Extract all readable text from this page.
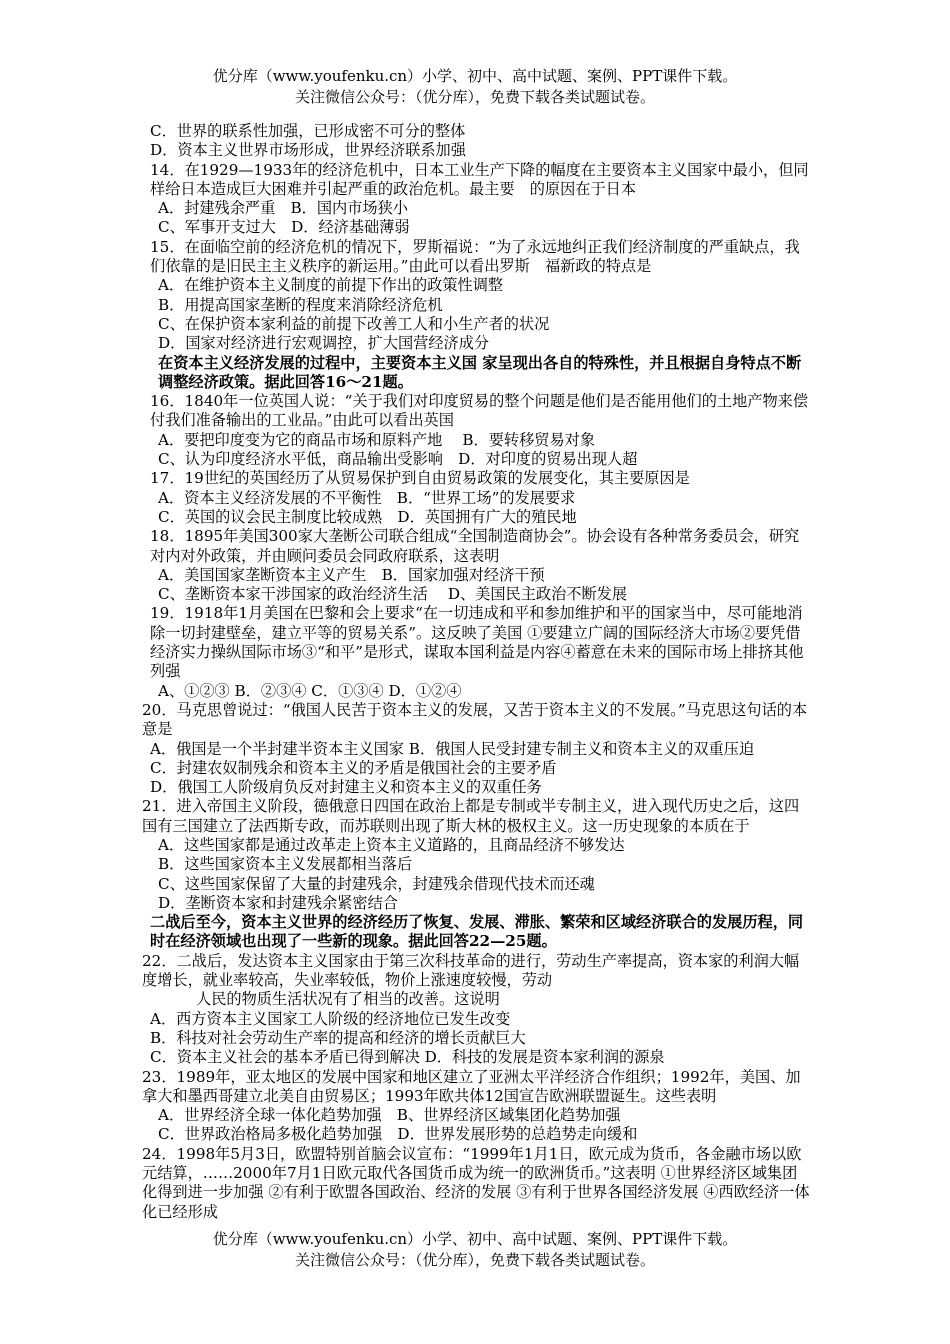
优分库（www.youfenku.cn）小学、初中、高中试题、案例、PPT课件下载。
关注微信公众号：（优分库），免费下载各类试题试卷。

C．世界的联系性加强，已形成密不可分的整体

D．资本主义世界市场形成，世界经济联系加强

14．在1929—1933年的经济危机中，日本工业生产下降的幅度在主要资本主义国家中最小，但同样给日本造成巨大困难并引起严重的政治危机。最主要　的原因在于日本

A．封建残余严重　B．国内市场狭小

C、军事开支过大　D．经济基础薄弱

15．在面临空前的经济危机的情况下，罗斯福说：“为了永远地纠正我们经济制度的严重缺点，我们依靠的是旧民主主义秩序的新运用。”由此可以看出罗斯　福新政的特点是

A．在维护资本主义制度的前提下作出的政策性调整

B．用提高国家垄断的程度来消除经济危机

C、在保护资本家利益的前提下改善工人和小生产者的状况

D．国家对经济进行宏观调控，扩大国营经济成分

在资本主义经济发展的过程中，主要资本主义国 家呈现出各自的特殊性，并且根据自身特点不断调整经济政策。据此回答16～21题。

16．1840年一位英国人说：“关于我们对印度贸易的整个问题是他们是否能用他们的土地产物来偿付我们准备输出的工业品。”由此可以看出英国

A．要把印度变为它的商品市场和原料产地　 B．要转移贸易对象

C、认为印度经济水平低，商品输出受影响　D．对印度的贸易出现人超

17．19世纪的英国经历了从贸易保护到自由贸易政策的发展变化，其主要原因是

A．资本主义经济发展的不平衡性　B．“世界工场”的发展要求

C．英国的议会民主制度比较成熟　D．英国拥有广大的殖民地

18．1895年美国300家大垄断公司联合组成“全国制造商协会”。协会设有各种常务委员会，研究对内对外政策，并由顾问委员会同政府联系，这表明

A．美国国家垄断资本主义产生　B．国家加强对经济干预

C、垄断资本家干涉国家的政治经济生活　 D、美国民主政治不断发展

19．1918年1月美国在巴黎和会上要求“在一切违成和平和参加维护和平的国家当中，尽可能地消除一切封建壁垒，建立平等的贸易关系”。这反映了美国 ①要建立广阔的国际经济大市场②要凭借经济实力操纵国际市场③“和平”是形式，谋取本国利益是内容④蓄意在未来的国际市场上排挤其他列强

A、①②③ B．②③④ C．①③④ D．①②④

20．马克思曾说过：“俄国人民苦于资本主义的发展，又苦于资本主义的不发展。”马克思这句话的本意是

A．俄国是一个半封建半资本主义国家 B．俄国人民受封建专制主义和资本主义的双重压迫

C．封建农奴制残余和资本主义的矛盾是俄国社会的主要矛盾

D．俄国工人阶级肩负反对封建主义和资本主义的双重任务

21．进入帝国主义阶段，德俄意日四国在政治上都是专制或半专制主义，进入现代历史之后，这四国有三国建立了法西斯专政，而苏联则出现了斯大林的极权主义。这一历史现象的本质在于

A．这些国家都是通过改革走上资本主义道路的，且商品经济不够发达

B．这些国家资本主义发展都相当落后

C、这些国家保留了大量的封建残余，封建残余借现代技术而还魂

D．垄断资本家和封建残余紧密结合

二战后至今，资本主义世界的经济经历了恢复、发展、滞胀、繁荣和区域经济联合的发展历程，同时在经济领域也出现了一些新的现象。据此回答22—25题。

22．二战后，发达资本主义国家由于第三次科技革命的进行，劳动生产率提高，资本家的利润大幅度增长，就业率较高，失业率较低，物价上涨速度较慢，劳动

人民的物质生活状况有了相当的改善。这说明

A．西方资本主义国家工人阶级的经济地位已发生改变

B．科技对社会劳动生产率的提高和经济的增长贡献巨大

C．资本主义社会的基本矛盾已得到解决 D．科技的发展是资本家利润的源泉

23．1989年，亚太地区的发展中国家和地区建立了亚洲太平洋经济合作组织；1992年，美国、加拿大和墨西哥建立北美自由贸易区；1993年欧共体12国宣告欧洲联盟诞生。这些表明

A．世界经济全球一体化趋势加强　B、世界经济区域集团化趋势加强

C．世界政治格局多极化趋势加强　D．世界发展形势的总趋势走向缓和

24．1998年5月3日，欧盟特别首脑会议宣布：“1999年1月1日，欧元成为货币，各金融市场以欧元结算，……2000年7月1日欧元取代各国货币成为统一的欧洲货币。”这表明 ①世界经济区域集团化得到进一步加强 ②有利于欧盟各国政治、经济的发展 ③有利于世界各国经济发展 ④西欧经济一体化已经形成

优分库（www.youfenku.cn）小学、初中、高中试题、案例、PPT课件下载。
关注微信公众号：（优分库），免费下载各类试题试卷。
